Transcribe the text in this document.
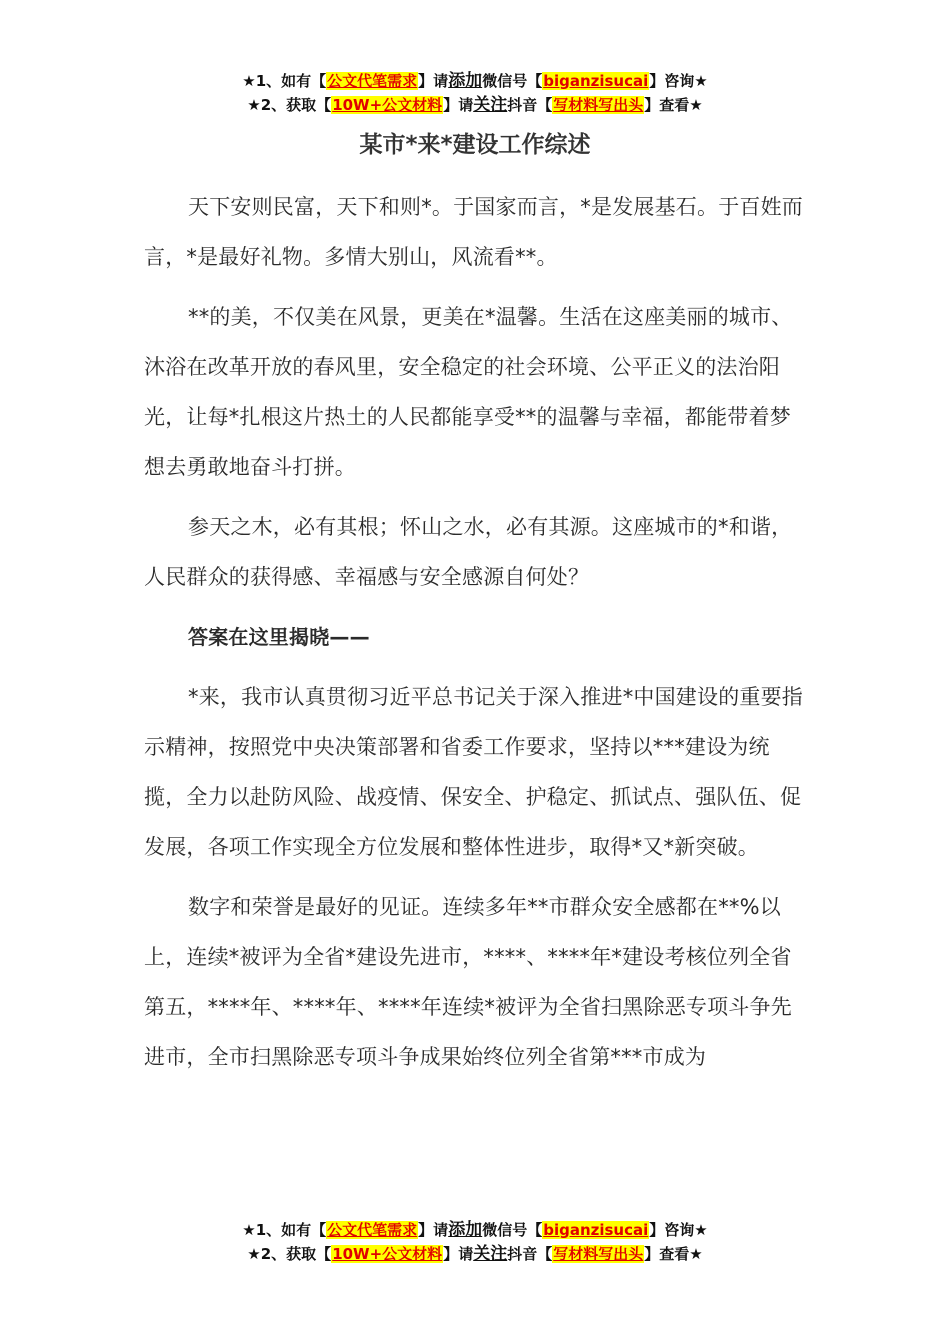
★1、如有【公文代笔需求】请添加微信号【biganzisucai】咨询★
★2、获取【10W+公文材料】请关注抖音【写材料写出头】查看★
某市*来*建设工作综述

天下安则民富，天下和则*。于国家而言，*是发展基石。于百姓而言，*是最好礼物。多情大别山，风流看**。

**的美，不仅美在风景，更美在*温馨。生活在这座美丽的城市、沐浴在改革开放的春风里，安全稳定的社会环境、公平正义的法治阳光，让每*扎根这片热土的人民都能享受**的温馨与幸福，都能带着梦想去勇敢地奋斗打拼。

参天之木，必有其根；怀山之水，必有其源。这座城市的*和谐，人民群众的获得感、幸福感与安全感源自何处？

答案在这里揭晓——

*来，我市认真贯彻习近平总书记关于深入推进*中国建设的重要指示精神，按照党中央决策部署和省委工作要求，坚持以***建设为统揽，全力以赴防风险、战疫情、保安全、护稳定、抓试点、强队伍、促发展，各项工作实现全方位发展和整体性进步，取得*又*新突破。

数字和荣誉是最好的见证。连续多年**市群众安全感都在**%以上，连续*被评为全省*建设先进市，****、****年*建设考核位列全省第五，****年、****年、****年连续*被评为全省扫黑除恶专项斗争先进市，全市扫黑除恶专项斗争成果始终位列全省第***市成为

★1、如有【公文代笔需求】请添加微信号【biganzisucai】咨询★
★2、获取【10W+公文材料】请关注抖音【写材料写出头】查看★
